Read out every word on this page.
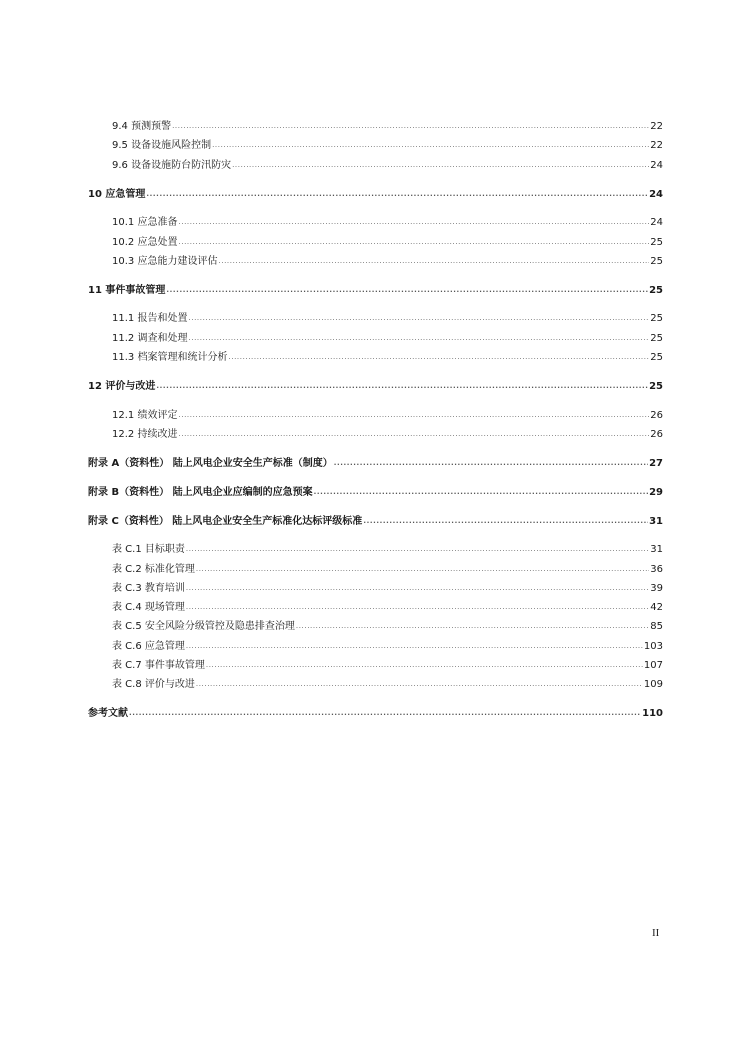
9.4 预测预警 .....	22
9.5 设备设施风险控制 .....	22
9.6 设备设施防台防汛防灾 .....	24
10 应急管理 .....	24
10.1 应急准备 .....	24
10.2 应急处置 .....	25
10.3 应急能力建设评估 .....	25
11 事件事故管理 .....	25
11.1 报告和处置 .....	25
11.2 调查和处理 .....	25
11.3 档案管理和统计分析 .....	25
12 评价与改进 .....	25
12.1 绩效评定 .....	26
12.2 持续改进 .....	26
附录 A（资料性） 陆上风电企业安全生产标准（制度） .....	27
附录 B（资料性） 陆上风电企业应编制的应急预案 .....	29
附录 C（资料性） 陆上风电企业安全生产标准化达标评级标准 .....	31
表 C.1 目标职责 .....	31
表 C.2 标准化管理 .....	36
表 C.3 教育培训 .....	39
表 C.4 现场管理 .....	42
表 C.5 安全风险分级管控及隐患排查治理 .....	85
表 C.6 应急管理 .....	103
表 C.7 事件事故管理 .....	107
表 C.8 评价与改进 .....	109
参考文献 .....	110
II
